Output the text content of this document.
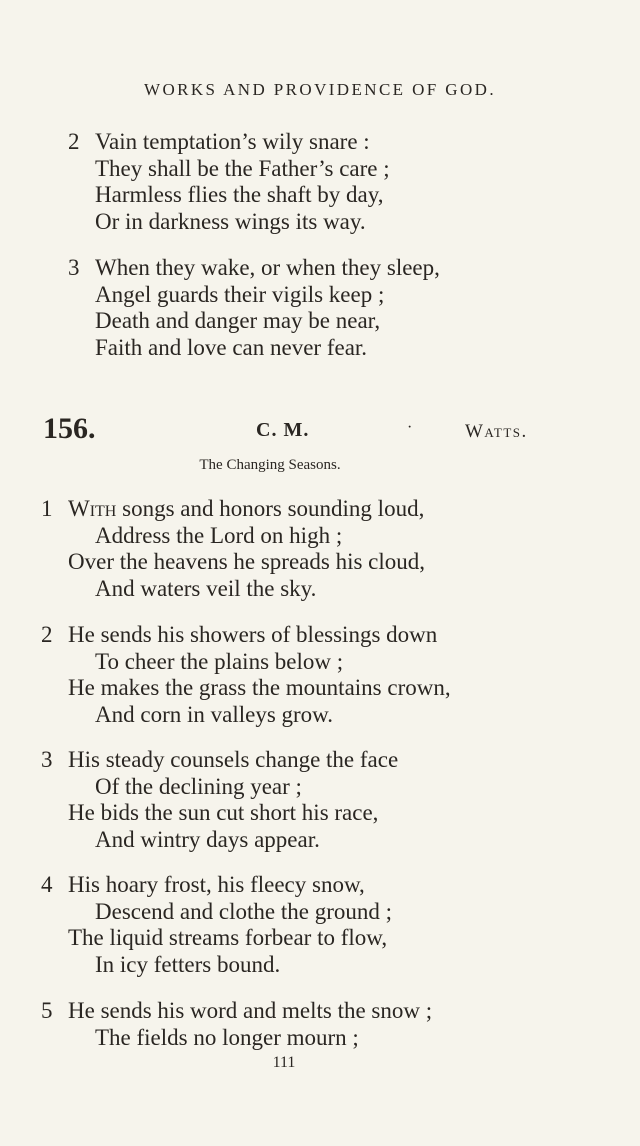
WORKS AND PROVIDENCE OF GOD.
2 Vain temptation’s wily snare :
They shall be the Father’s care ;
Harmless flies the shaft by day,
Or in darkness wings its way.
3 When they wake, or when they sleep,
Angel guards their vigils keep ;
Death and danger may be near,
Faith and love can never fear.
156.	C. M.	·	Watts.
The Changing Seasons.
1 With songs and honors sounding loud,
Address the Lord on high ;
Over the heavens he spreads his cloud,
And waters veil the sky.
2 He sends his showers of blessings down
To cheer the plains below ;
He makes the grass the mountains crown,
And corn in valleys grow.
3 His steady counsels change the face
Of the declining year ;
He bids the sun cut short his race,
And wintry days appear.
4 His hoary frost, his fleecy snow,
Descend and clothe the ground ;
The liquid streams forbear to flow,
In icy fetters bound.
5 He sends his word and melts the snow ;
The fields no longer mourn ;
111
